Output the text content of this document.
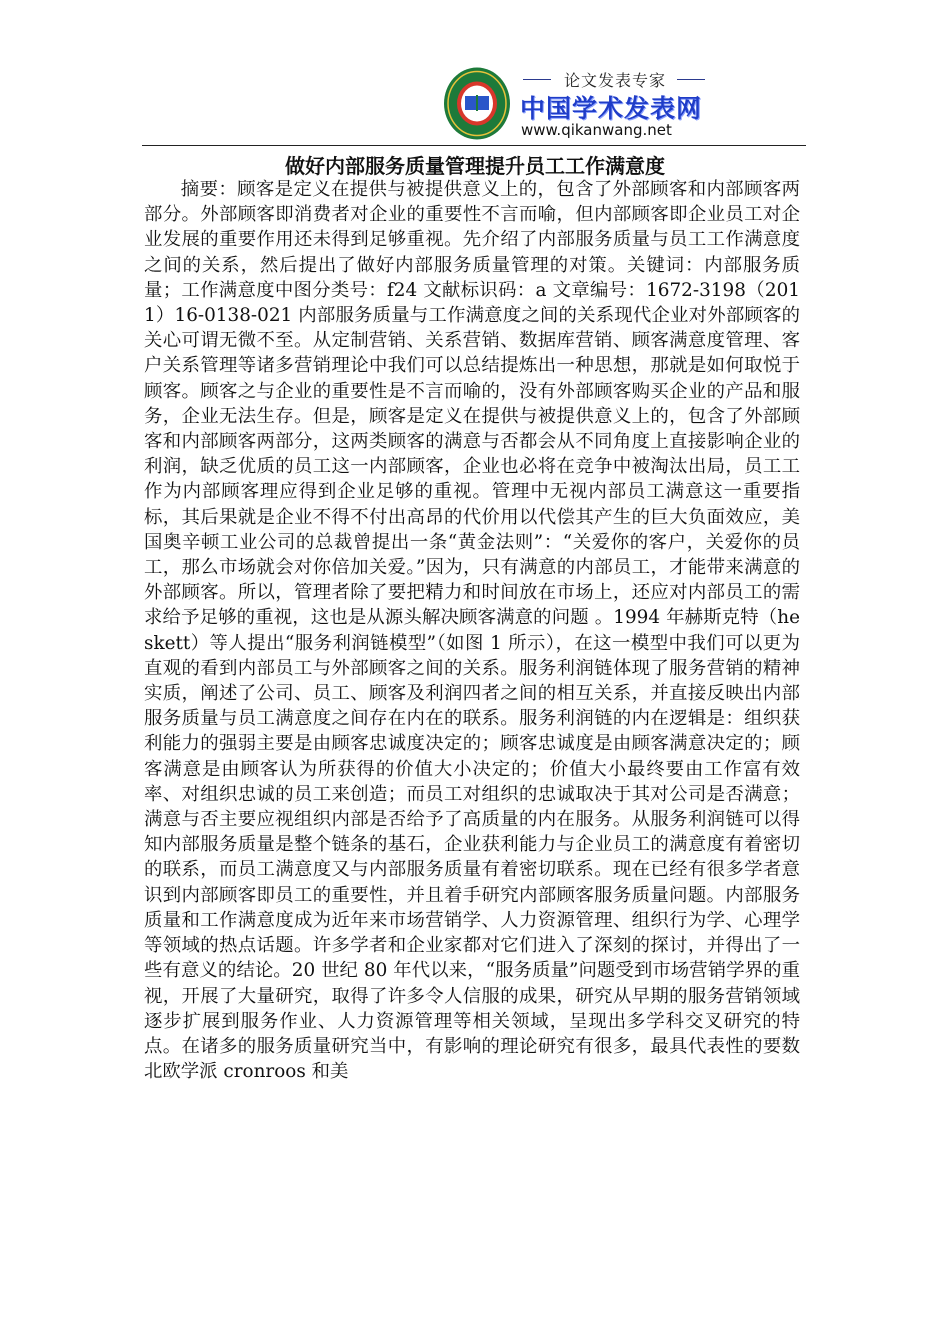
论文发表专家
中国学术发表网
www.qikanwang.net
做好内部服务质量管理提升员工工作满意度

摘要：顾客是定义在提供与被提供意义上的，包含了外部顾客和内部顾客两部分。外部顾客即消费者对企业的重要性不言而喻，但内部顾客即企业员工对企业发展的重要作用还未得到足够重视。先介绍了内部服务质量与员工工作满意度之间的关系，然后提出了做好内部服务质量管理的对策。关键词：内部服务质量；工作满意度中图分类号：f24 文献标识码：a 文章编号：1672-3198（2011）16-0138-021 内部服务质量与工作满意度之间的关系现代企业对外部顾客的关心可谓无微不至。从定制营销、关系营销、数据库营销、顾客满意度管理、客户关系管理等诸多营销理论中我们可以总结提炼出一种思想，那就是如何取悦于顾客。顾客之与企业的重要性是不言而喻的，没有外部顾客购买企业的产品和服务，企业无法生存。但是，顾客是定义在提供与被提供意义上的，包含了外部顾客和内部顾客两部分，这两类顾客的满意与否都会从不同角度上直接影响企业的利润，缺乏优质的员工这一内部顾客，企业也必将在竞争中被淘汰出局，员工工作为内部顾客理应得到企业足够的重视。管理中无视内部员工满意这一重要指标，其后果就是企业不得不付出高昂的代价用以代偿其产生的巨大负面效应，美国奥辛顿工业公司的总裁曾提出一条“黄金法则”：“关爱你的客户，关爱你的员工，那么市场就会对你倍加关爱。”因为，只有满意的内部员工，才能带来满意的外部顾客。所以，管理者除了要把精力和时间放在市场上，还应对内部员工的需求给予足够的重视，这也是从源头解决顾客满意的问题 。1994 年赫斯克特（heskett）等人提出“服务利润链模型”（如图 1 所示），在这一模型中我们可以更为直观的看到内部员工与外部顾客之间的关系。服务利润链体现了服务营销的精神实质，阐述了公司、员工、顾客及利润四者之间的相互关系，并直接反映出内部服务质量与员工满意度之间存在内在的联系。服务利润链的内在逻辑是：组织获利能力的强弱主要是由顾客忠诚度决定的；顾客忠诚度是由顾客满意决定的；顾客满意是由顾客认为所获得的价值大小决定的；价值大小最终要由工作富有效率、对组织忠诚的员工来创造；而员工对组织的忠诚取决于其对公司是否满意；满意与否主要应视组织内部是否给予了高质量的内在服务。从服务利润链可以得知内部服务质量是整个链条的基石，企业获利能力与企业员工的满意度有着密切的联系，而员工满意度又与内部服务质量有着密切联系。现在已经有很多学者意识到内部顾客即员工的重要性，并且着手研究内部顾客服务质量问题。内部服务质量和工作满意度成为近年来市场营销学、人力资源管理、组织行为学、心理学等领域的热点话题。许多学者和企业家都对它们进入了深刻的探讨，并得出了一些有意义的结论。20 世纪 80 年代以来，“服务质量”问题受到市场营销学界的重视，开展了大量研究，取得了许多令人信服的成果，研究从早期的服务营销领域逐步扩展到服务作业、人力资源管理等相关领域，呈现出多学科交叉研究的特点。在诸多的服务质量研究当中，有影响的理论研究有很多，最具代表性的要数北欧学派 cronroos 和美
